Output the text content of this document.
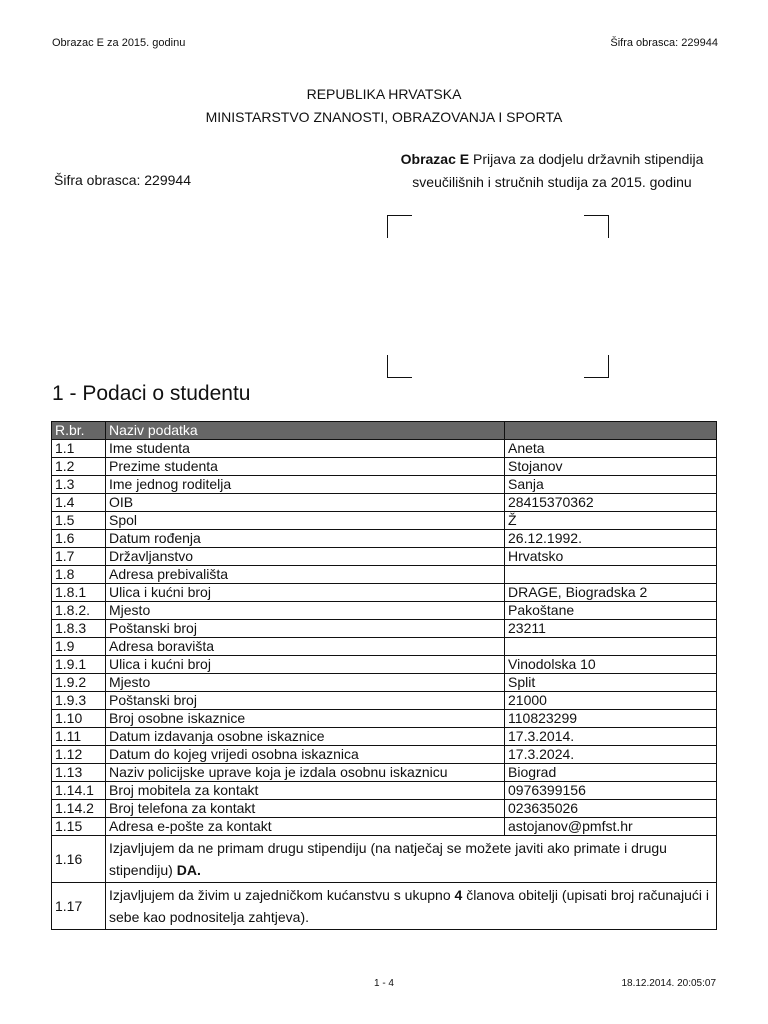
Obrazac E za 2015. godinu	Šifra obrasca: 229944
REPUBLIKA HRVATSKA
MINISTARSTVO ZNANOSTI, OBRAZOVANJA I SPORTA
Šifra obrasca: 229944
Obrazac E Prijava za dodjelu državnih stipendija sveučilišnih i stručnih studija za 2015. godinu
1 - Podaci o studentu
R.br.	Naziv podatka	
1.1	Ime studenta	Aneta
1.2	Prezime studenta	Stojanov
1.3	Ime jednog roditelja	Sanja
1.4	OIB	28415370362
1.5	Spol	Ž
1.6	Datum rođenja	26.12.1992.
1.7	Državljanstvo	Hrvatsko
1.8	Adresa prebivališta	
1.8.1	Ulica i kućni broj	DRAGE, Biogradska 2
1.8.2.	Mjesto	Pakoštane
1.8.3	Poštanski broj	23211
1.9	Adresa boravišta	
1.9.1	Ulica i kućni broj	Vinodolska 10
1.9.2	Mjesto	Split
1.9.3	Poštanski broj	21000
1.10	Broj osobne iskaznice	110823299
1.11	Datum izdavanja osobne iskaznice	17.3.2014.
1.12	Datum do kojeg vrijedi osobna iskaznica	17.3.2024.
1.13	Naziv policijske uprave koja je izdala osobnu iskaznicu	Biograd
1.14.1	Broj mobitela za kontakt	0976399156
1.14.2	Broj telefona za kontakt	023635026
1.15	Adresa e-pošte za kontakt	astojanov@pmfst.hr
1.16	Izjavljujem da ne primam drugu stipendiju (na natječaj se možete javiti ako primate i drugu stipendiju) DA.	
1.17	Izjavljujem da živim u zajedničkom kućanstvu s ukupno 4 članova obitelji (upisati broj računajući i sebe kao podnositelja zahtjeva).	
1 - 4	18.12.2014. 20:05:07
